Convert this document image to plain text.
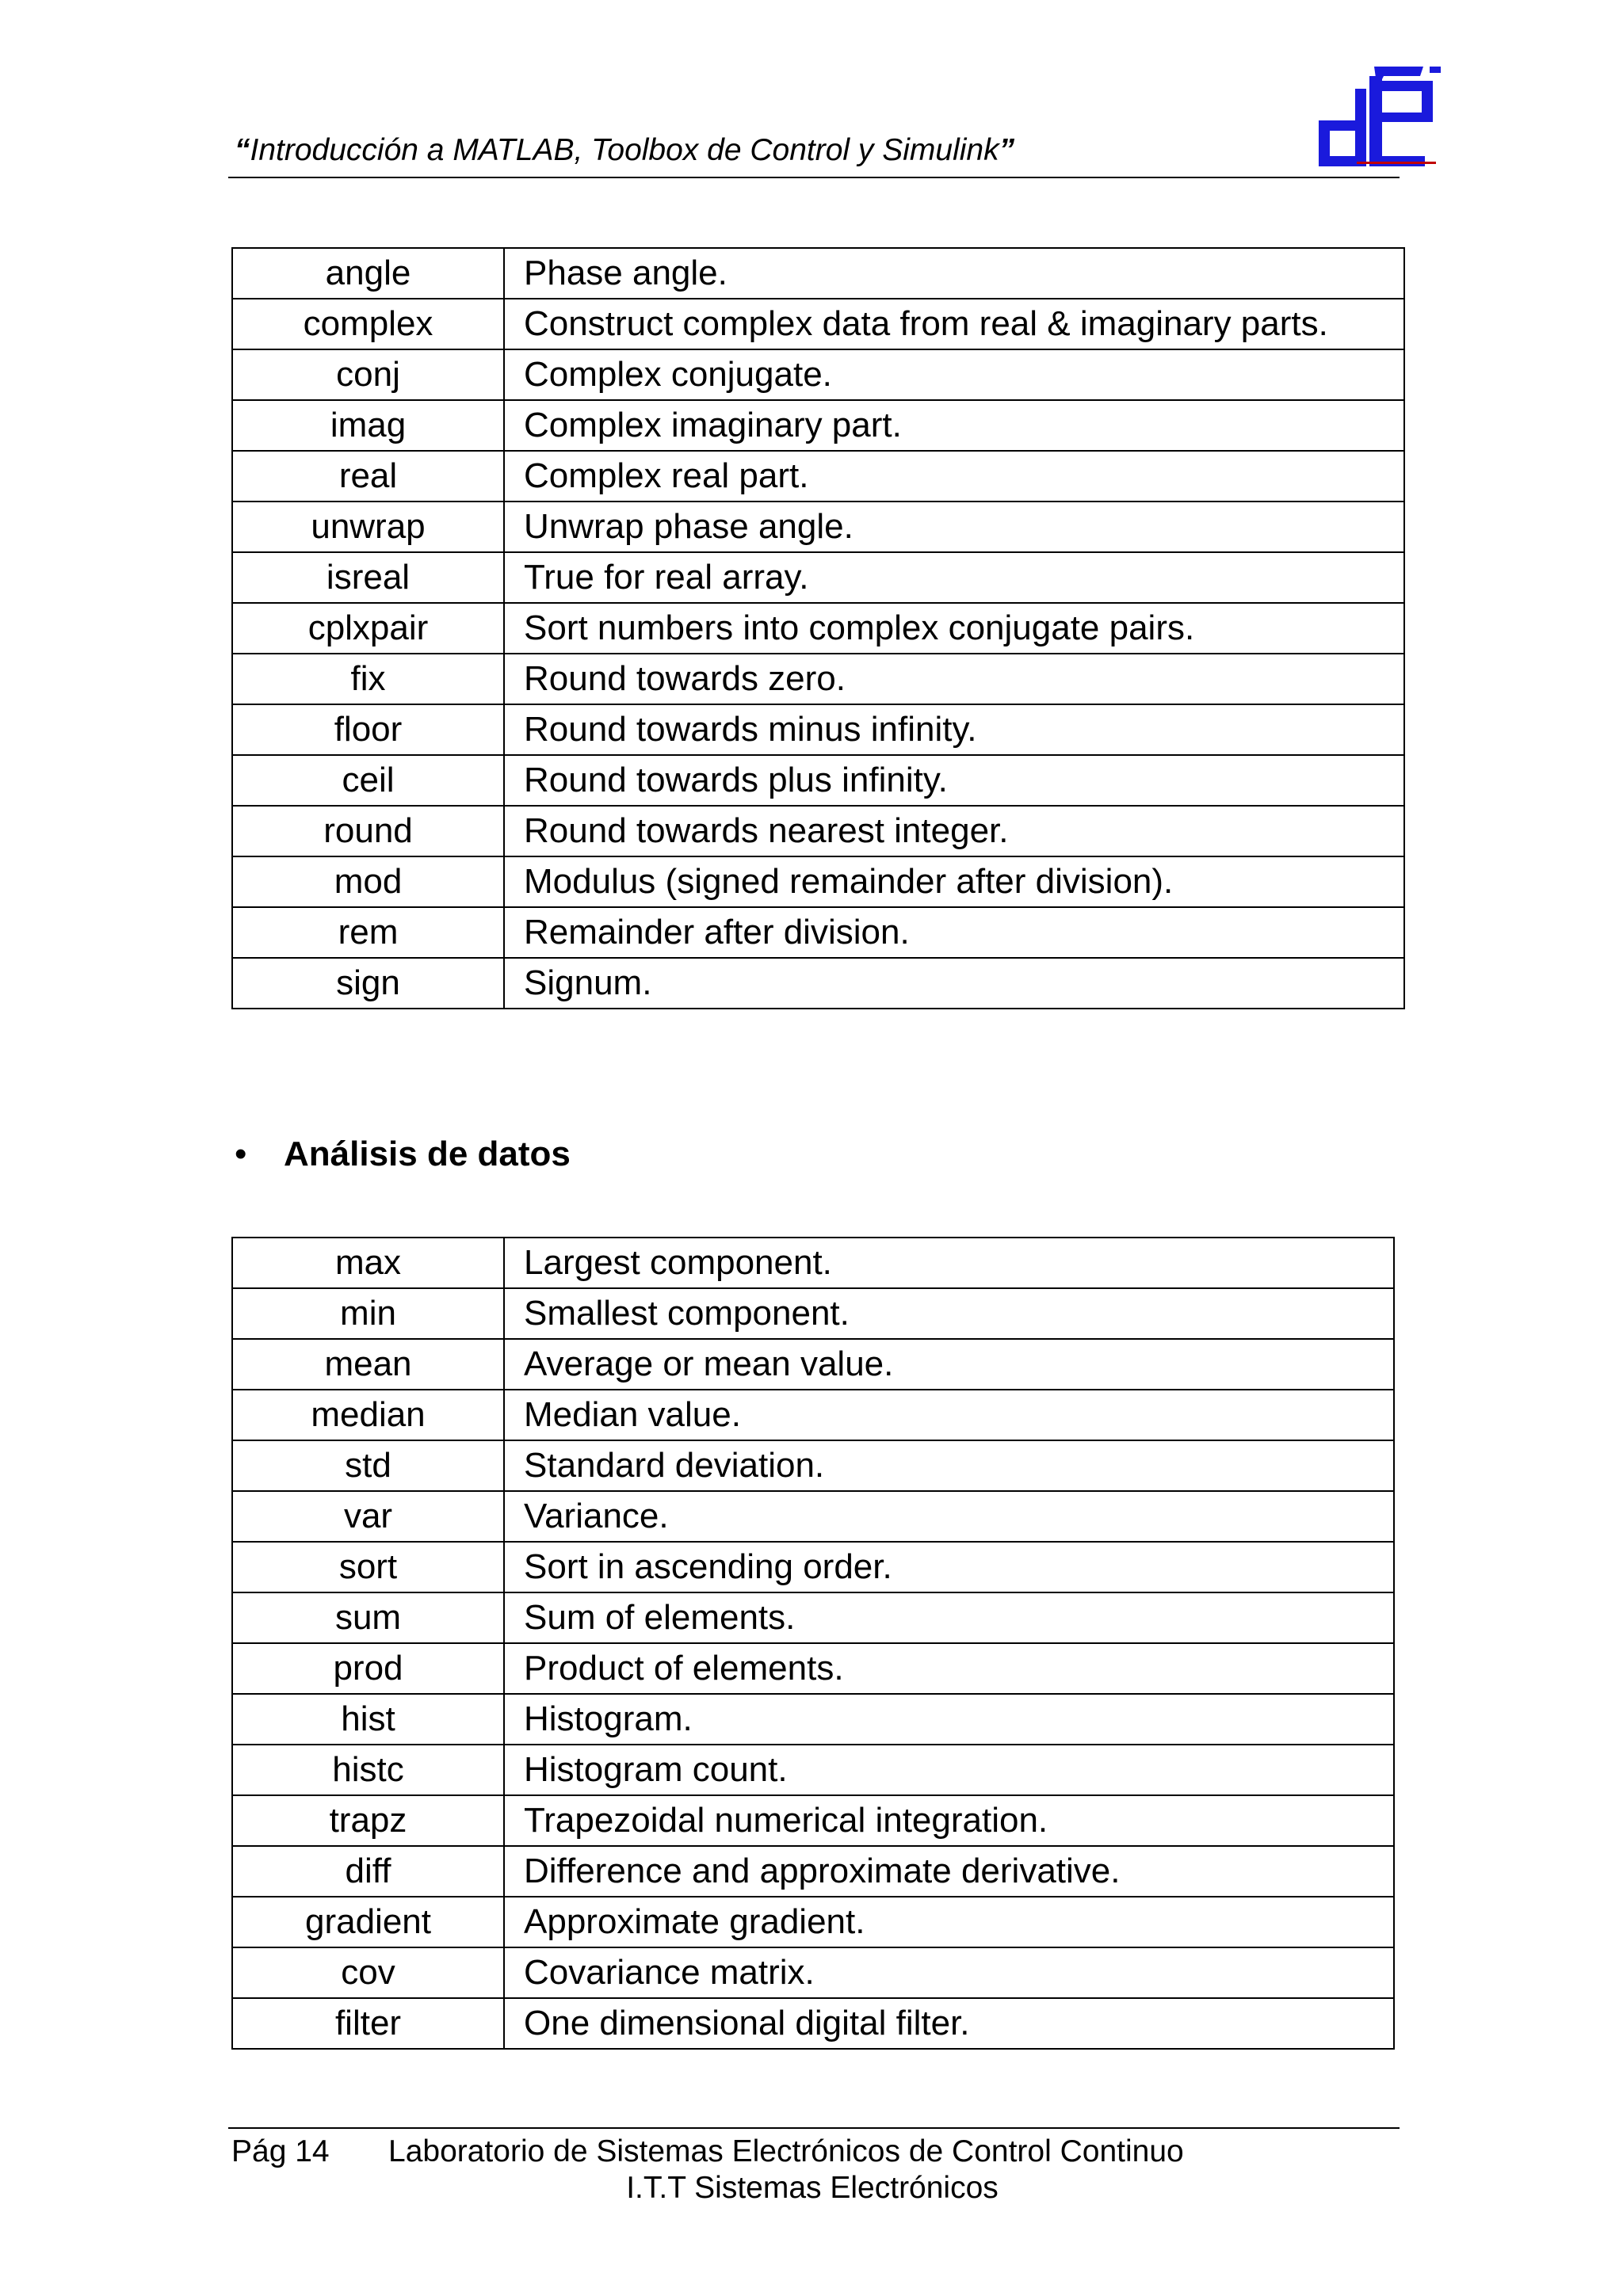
“Introducción a MATLAB, Toolbox de Control y Simulink”
angle	Phase angle.
complex	Construct complex data from real & imaginary parts.
conj	Complex conjugate.
imag	Complex imaginary part.
real	Complex real part.
unwrap	Unwrap phase angle.
isreal	True for real array.
cplxpair	Sort numbers into complex conjugate pairs.
fix	Round towards zero.
floor	Round towards minus infinity.
ceil	Round towards plus infinity.
round	Round towards nearest integer.
mod	Modulus (signed remainder after division).
rem	Remainder after division.
sign	Signum.
• Análisis de datos
max	Largest component.
min	Smallest component.
mean	Average or mean value.
median	Median value.
std	Standard deviation.
var	Variance.
sort	Sort in ascending order.
sum	Sum of elements.
prod	Product of elements.
hist	Histogram.
histc	Histogram count.
trapz	Trapezoidal numerical integration.
diff	Difference and approximate derivative.
gradient	Approximate gradient.
cov	Covariance matrix.
filter	One dimensional digital filter.
Pág 14 Laboratorio de Sistemas Electrónicos de Control Continuo
I.T.T Sistemas Electrónicos
